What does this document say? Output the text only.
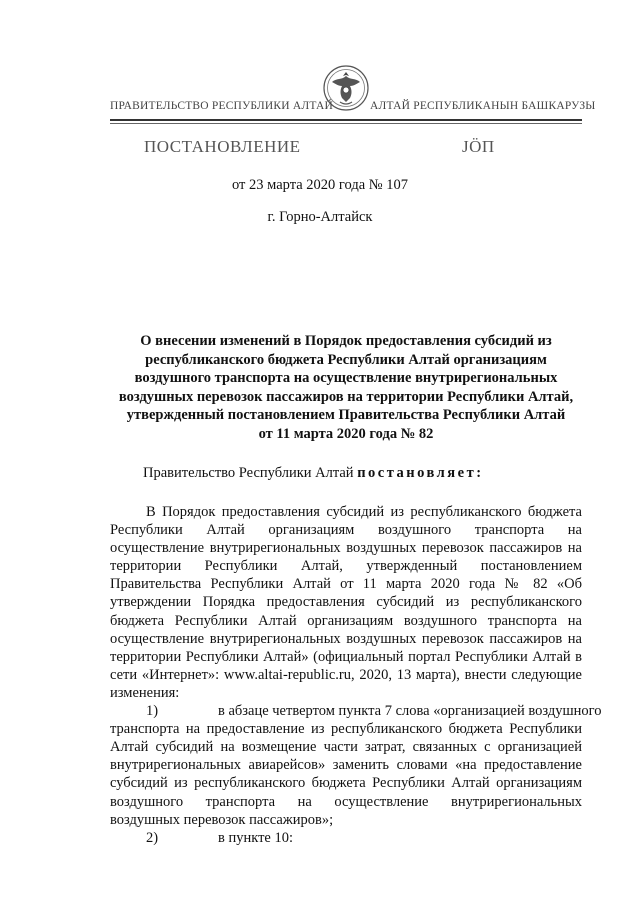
ПРАВИТЕЛЬСТВО РЕСПУБЛИКИ АЛТАЙ	АЛТАЙ РЕСПУБЛИКАНЫН БАШКАРУЗЫ
ПОСТАНОВЛЕНИЕ	ЈӦП
от 23 марта 2020 года № 107
г. Горно-Алтайск
О внесении изменений в Порядок предоставления субсидий из
республиканского бюджета Республики Алтай организациям
воздушного транспорта на осуществление внутрирегиональных
воздушных перевозок пассажиров на территории Республики Алтай,
утвержденный постановлением Правительства Республики Алтай
от 11 марта 2020 года № 82
Правительство Республики Алтай постановляет:
В Порядок предоставления субсидий из республиканского бюджета
Республики Алтай организациям воздушного транспорта на
осуществление внутрирегиональных воздушных перевозок пассажиров на
территории Республики Алтай, утвержденный постановлением
Правительства Республики Алтай от 11 марта 2020 года № 82 «Об
утверждении Порядка предоставления субсидий из республиканского
бюджета Республики Алтай организациям воздушного транспорта на
осуществление внутрирегиональных воздушных перевозок пассажиров на
территории Республики Алтай» (официальный портал Республики Алтай в
сети «Интернет»: www.altai-republic.ru, 2020, 13 марта), внести следующие
изменения:
1)	в абзаце четвертом пункта 7 слова «организацией воздушного
транспорта на предоставление из республиканского бюджета Республики
Алтай субсидий на возмещение части затрат, связанных с организацией
внутрирегиональных авиарейсов» заменить словами «на предоставление
субсидий из республиканского бюджета Республики Алтай организациям
воздушного транспорта на осуществление внутрирегиональных
воздушных перевозок пассажиров»;
2)	в пункте 10:
